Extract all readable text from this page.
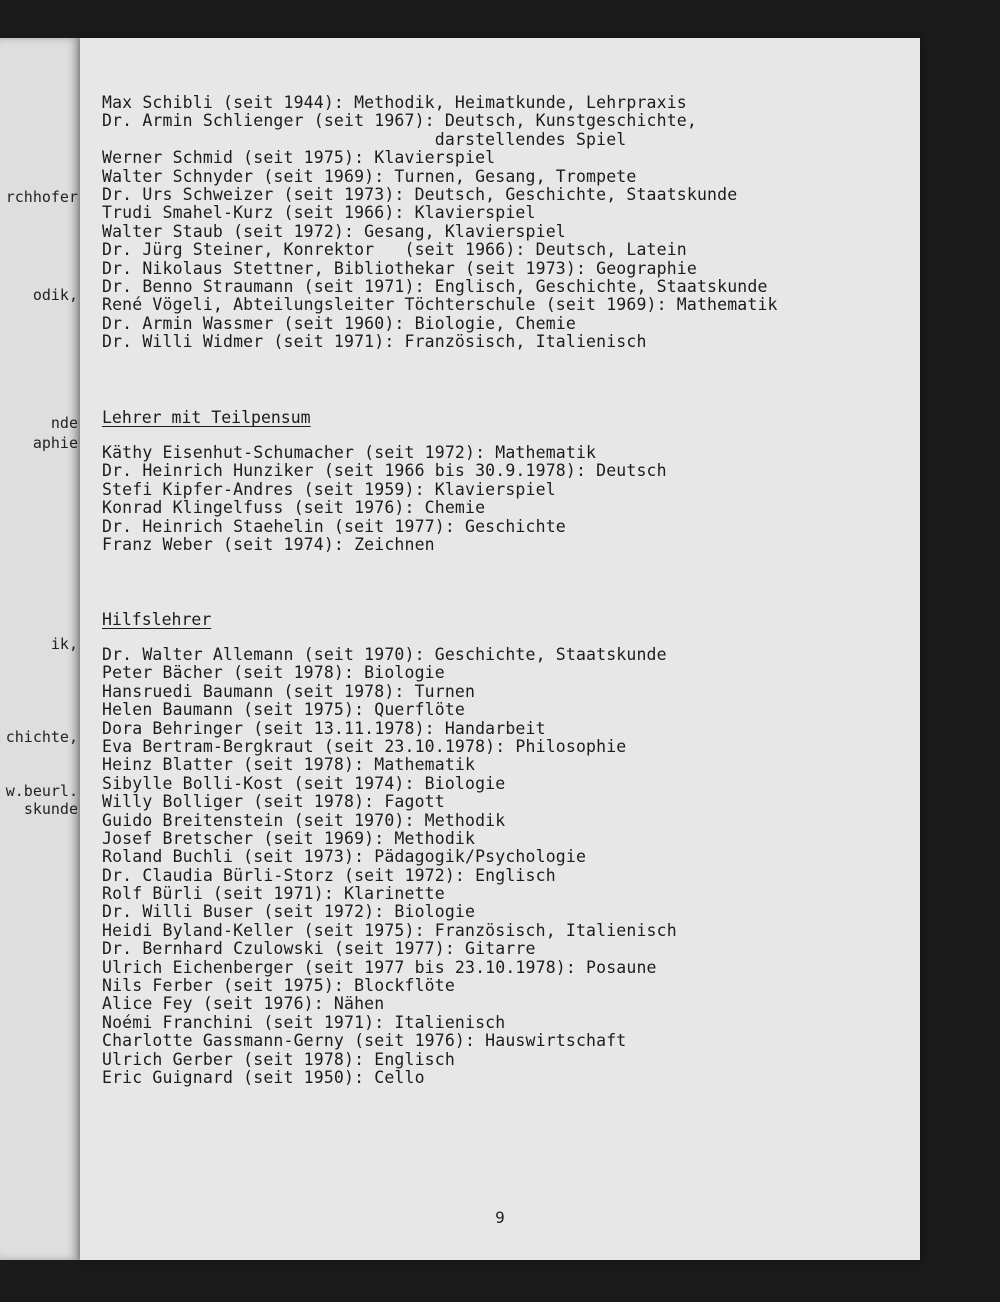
rchhofer
odik,
nde
aphie
ik,
chichte,
w.beurl.
skunde
Max Schibli (seit 1944): Methodik, Heimatkunde, Lehrpraxis
Dr. Armin Schlienger (seit 1967): Deutsch, Kunstgeschichte,
darstellendes Spiel
Werner Schmid (seit 1975): Klavierspiel
Walter Schnyder (seit 1969): Turnen, Gesang, Trompete
Dr. Urs Schweizer (seit 1973): Deutsch, Geschichte, Staatskunde
Trudi Smahel-Kurz (seit 1966): Klavierspiel
Walter Staub (seit 1972): Gesang, Klavierspiel
Dr. Jürg Steiner, Konrektor   (seit 1966): Deutsch, Latein
Dr. Nikolaus Stettner, Bibliothekar (seit 1973): Geographie
Dr. Benno Straumann (seit 1971): Englisch, Geschichte, Staatskunde
René Vögeli, Abteilungsleiter Töchterschule (seit 1969): Mathematik
Dr. Armin Wassmer (seit 1960): Biologie, Chemie
Dr. Willi Widmer (seit 1971): Französisch, Italienisch
Lehrer mit Teilpensum
Käthy Eisenhut-Schumacher (seit 1972): Mathematik
Dr. Heinrich Hunziker (seit 1966 bis 30.9.1978): Deutsch
Stefi Kipfer-Andres (seit 1959): Klavierspiel
Konrad Klingelfuss (seit 1976): Chemie
Dr. Heinrich Staehelin (seit 1977): Geschichte
Franz Weber (seit 1974): Zeichnen
Hilfslehrer
Dr. Walter Allemann (seit 1970): Geschichte, Staatskunde
Peter Bächer (seit 1978): Biologie
Hansruedi Baumann (seit 1978): Turnen
Helen Baumann (seit 1975): Querflöte
Dora Behringer (seit 13.11.1978): Handarbeit
Eva Bertram-Bergkraut (seit 23.10.1978): Philosophie
Heinz Blatter (seit 1978): Mathematik
Sibylle Bolli-Kost (seit 1974): Biologie
Willy Bolliger (seit 1978): Fagott
Guido Breitenstein (seit 1970): Methodik
Josef Bretscher (seit 1969): Methodik
Roland Buchli (seit 1973): Pädagogik/Psychologie
Dr. Claudia Bürli-Storz (seit 1972): Englisch
Rolf Bürli (seit 1971): Klarinette
Dr. Willi Buser (seit 1972): Biologie
Heidi Byland-Keller (seit 1975): Französisch, Italienisch
Dr. Bernhard Czulowski (seit 1977): Gitarre
Ulrich Eichenberger (seit 1977 bis 23.10.1978): Posaune
Nils Ferber (seit 1975): Blockflöte
Alice Fey (seit 1976): Nähen
Noémi Franchini (seit 1971): Italienisch
Charlotte Gassmann-Gerny (seit 1976): Hauswirtschaft
Ulrich Gerber (seit 1978): Englisch
Eric Guignard (seit 1950): Cello
9
